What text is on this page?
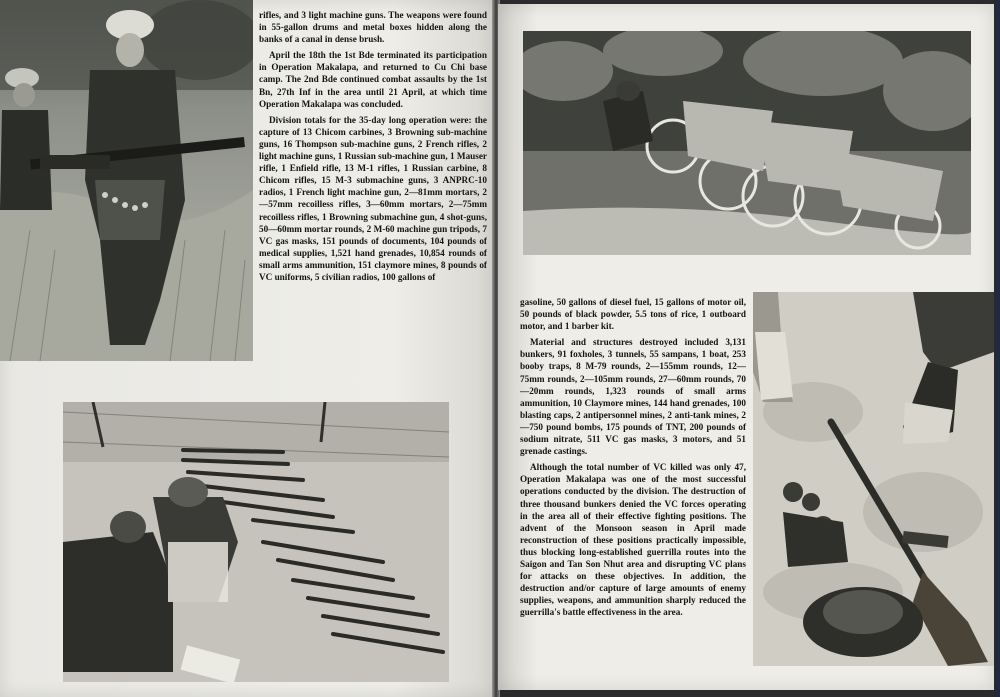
rifles, and 3 light machine guns. The weapons were found in 55-gallon drums and metal boxes hidden along the banks of a canal in dense brush.

April the 18th the 1st Bde terminated its participation in Operation Makalapa, and returned to Cu Chi base camp. The 2nd Bde continued combat assaults by the 1st Bn, 27th Inf in the area until 21 April, at which time Operation Makalapa was concluded.

Division totals for the 35-day long operation were: the capture of 13 Chicom carbines, 3 Browning sub-machine guns, 16 Thompson sub-machine guns, 2 French rifles, 2 light machine guns, 1 Russian sub-machine gun, 1 Mauser rifle, 1 Enfield rifle, 13 M-1 rifles, 1 Russian carbine, 8 Chicom rifles, 15 M-3 submachine guns, 3 ANPRC-10 radios, 1 French light machine gun, 2—81mm mortars, 2—57mm recoilless rifles, 3—60mm mortars, 2—75mm recoilless rifles, 1 Browning submachine gun, 4 shot-guns, 50—60mm mortar rounds, 2 M-60 machine gun tripods, 7 VC gas masks, 151 pounds of documents, 104 pounds of medical supplies, 1,521 hand grenades, 10,854 rounds of small arms ammunition, 151 claymore mines, 8 pounds of VC uniforms, 5 civilian radios, 100 gallons of

gasoline, 50 gallons of diesel fuel, 15 gallons of motor oil, 50 pounds of black powder, 5.5 tons of rice, 1 outboard motor, and 1 barber kit.

Material and structures destroyed included 3,131 bunkers, 91 foxholes, 3 tunnels, 55 sampans, 1 boat, 253 booby traps, 8 M-79 rounds, 2—155mm rounds, 12—75mm rounds, 2—105mm rounds, 27—60mm rounds, 70—20mm rounds, 1,323 rounds of small arms ammunition, 10 Claymore mines, 144 hand grenades, 100 blasting caps, 2 antipersonnel mines, 2 anti-tank mines, 2—750 pound bombs, 175 pounds of TNT, 200 pounds of sodium nitrate, 511 VC gas masks, 3 motors, and 51 grenade castings.

Although the total number of VC killed was only 47, Operation Makalapa was one of the most successful operations conducted by the division. The destruction of three thousand bunkers denied the VC forces operating in the area all of their effective fighting positions. The advent of the Monsoon season in April made reconstruction of these positions practically impossible, thus blocking long-established guerrilla routes into the Saigon and Tan Son Nhut area and disrupting VC plans for attacks on these objectives. In addition, the destruction and/or capture of large amounts of enemy supplies, weapons, and ammunition sharply reduced the guerrilla's battle effectiveness in the area.
